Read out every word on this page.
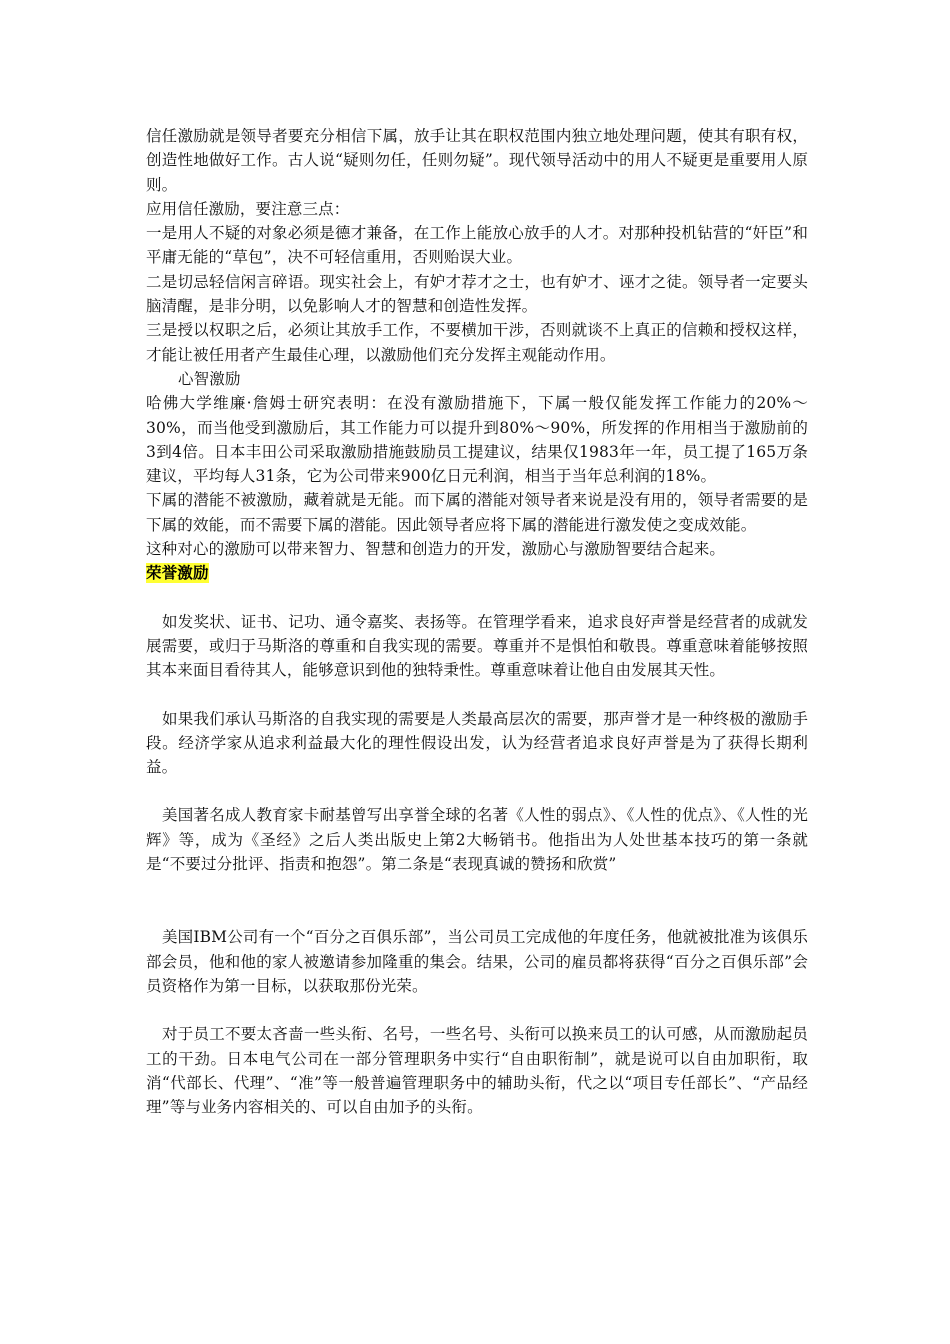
信任激励就是领导者要充分相信下属，放手让其在职权范围内独立地处理问题，使其有职有权，创造性地做好工作。古人说“疑则勿任，任则勿疑”。现代领导活动中的用人不疑更是重要用人原则。

应用信任激励，要注意三点：

一是用人不疑的对象必须是德才兼备，在工作上能放心放手的人才。对那种投机钻营的“奸臣”和平庸无能的“草包”，决不可轻信重用，否则贻误大业。

二是切忌轻信闲言碎语。现实社会上，有妒才荐才之士，也有妒才、诬才之徒。领导者一定要头脑清醒，是非分明，以免影响人才的智慧和创造性发挥。

三是授以权职之后，必须让其放手工作，不要横加干涉，否则就谈不上真正的信赖和授权这样，才能让被任用者产生最佳心理，以激励他们充分发挥主观能动作用。

心智激励

哈佛大学维廉·詹姆士研究表明：在没有激励措施下，下属一般仅能发挥工作能力的20%～30%，而当他受到激励后，其工作能力可以提升到80%～90%，所发挥的作用相当于激励前的3到4倍。日本丰田公司采取激励措施鼓励员工提建议，结果仅1983年一年，员工提了165万条建议，平均每人31条，它为公司带来900亿日元利润，相当于当年总利润的18%。

下属的潜能不被激励，藏着就是无能。而下属的潜能对领导者来说是没有用的，领导者需要的是下属的效能，而不需要下属的潜能。因此领导者应将下属的潜能进行激发使之变成效能。

这种对心的激励可以带来智力、智慧和创造力的开发，激励心与激励智要结合起来。

荣誉激励

如发奖状、证书、记功、通令嘉奖、表扬等。在管理学看来，追求良好声誉是经营者的成就发展需要，或归于马斯洛的尊重和自我实现的需要。尊重并不是惧怕和敬畏。尊重意味着能够按照其本来面目看待其人，能够意识到他的独特秉性。尊重意味着让他自由发展其天性。

如果我们承认马斯洛的自我实现的需要是人类最高层次的需要，那声誉才是一种终极的激励手段。经济学家从追求利益最大化的理性假设出发，认为经营者追求良好声誉是为了获得长期利益。

美国著名成人教育家卡耐基曾写出享誉全球的名著《人性的弱点》、《人性的优点》、《人性的光辉》等，成为《圣经》之后人类出版史上第2大畅销书。他指出为人处世基本技巧的第一条就是“不要过分批评、指责和抱怨”。第二条是“表现真诚的赞扬和欣赏”

美国IBM公司有一个“百分之百俱乐部”，当公司员工完成他的年度任务，他就被批准为该俱乐部会员，他和他的家人被邀请参加隆重的集会。结果，公司的雇员都将获得“百分之百俱乐部”会员资格作为第一目标，以获取那份光荣。

对于员工不要太吝啬一些头衔、名号，一些名号、头衔可以换来员工的认可感，从而激励起员工的干劲。日本电气公司在一部分管理职务中实行“自由职衔制”，就是说可以自由加职衔，取消“代部长、代理”、“准”等一般普遍管理职务中的辅助头衔，代之以“项目专任部长”、“产品经理”等与业务内容相关的、可以自由加予的头衔。
